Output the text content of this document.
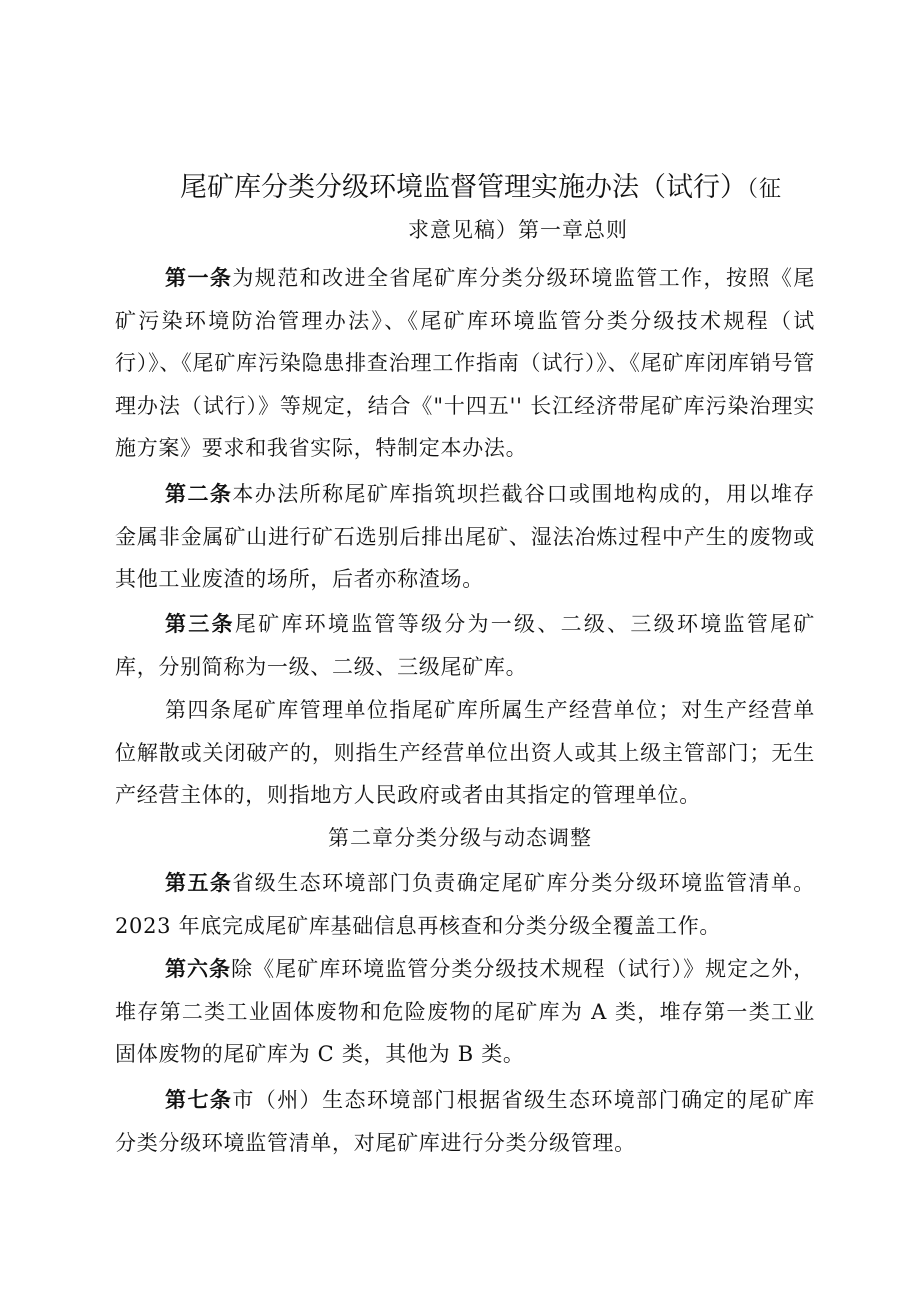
尾矿库分类分级环境监督管理实施办法（试行）（征

求意见稿）第一章总则

第一条为规范和改进全省尾矿库分类分级环境监管工作，按照《尾矿污染环境防治管理办法》、《尾矿库环境监管分类分级技术规程（试行）》、《尾矿库污染隐患排查治理工作指南（试行）》、《尾矿库闭库销号管理办法（试行）》等规定，结合《"十四五'' 长江经济带尾矿库污染治理实施方案》要求和我省实际，特制定本办法。

第二条本办法所称尾矿库指筑坝拦截谷口或围地构成的，用以堆存金属非金属矿山进行矿石选别后排出尾矿、湿法冶炼过程中产生的废物或其他工业废渣的场所，后者亦称渣场。

第三条尾矿库环境监管等级分为一级、二级、三级环境监管尾矿库，分别简称为一级、二级、三级尾矿库。

第四条尾矿库管理单位指尾矿库所属生产经营单位；对生产经营单位解散或关闭破产的，则指生产经营单位出资人或其上级主管部门；无生产经营主体的，则指地方人民政府或者由其指定的管理单位。

第二章分类分级与动态调整

第五条省级生态环境部门负责确定尾矿库分类分级环境监管清单。2023 年底完成尾矿库基础信息再核查和分类分级全覆盖工作。

第六条除《尾矿库环境监管分类分级技术规程（试行）》规定之外，堆存第二类工业固体废物和危险废物的尾矿库为 A 类，堆存第一类工业固体废物的尾矿库为 C 类，其他为 B 类。

第七条市（州）生态环境部门根据省级生态环境部门确定的尾矿库分类分级环境监管清单，对尾矿库进行分类分级管理。
